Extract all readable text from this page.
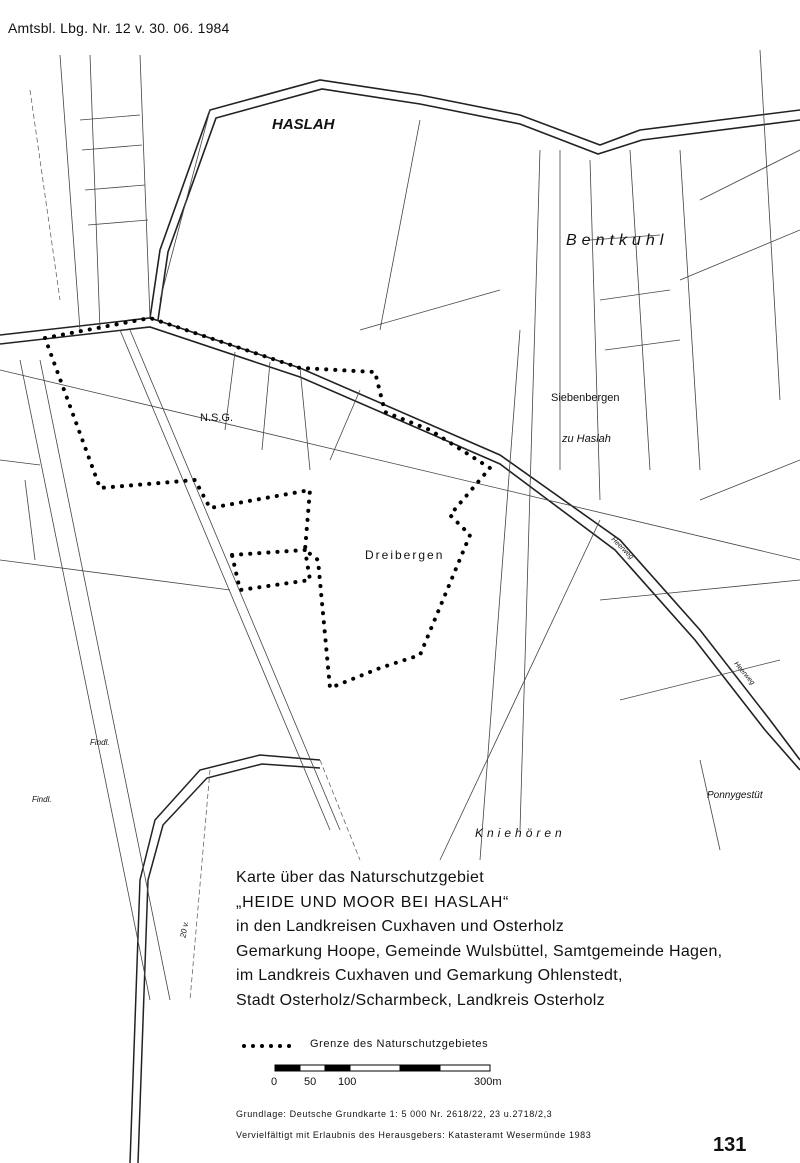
Amtsbl. Lbg. Nr. 12 v. 30. 06. 1984
HASLAH
Bentkuhl
Siebenbergen
zu Haslah
N.S.G.
Dreibergen
Findl.
Findl.	Ponnygestüt
Kniehören
Heerweg
Heerweg
20 v.
Karte über das Naturschutzgebiet
„HEIDE UND MOOR BEI HASLAH“
in den Landkreisen Cuxhaven und Osterholz
Gemarkung Hoope, Gemeinde Wulsbüttel, Samtgemeinde Hagen,
im Landkreis Cuxhaven und Gemarkung Ohlenstedt,
Stadt Osterholz/Scharmbeck, Landkreis Osterholz
Grenze des Naturschutzgebietes
0 50 100	300m
Grundlage: Deutsche Grundkarte 1: 5 000 Nr. 2618/22, 23 u.2718/2,3
Vervielfältigt mit Erlaubnis des Herausgebers: Katasteramt Wesermünde 1983	131
